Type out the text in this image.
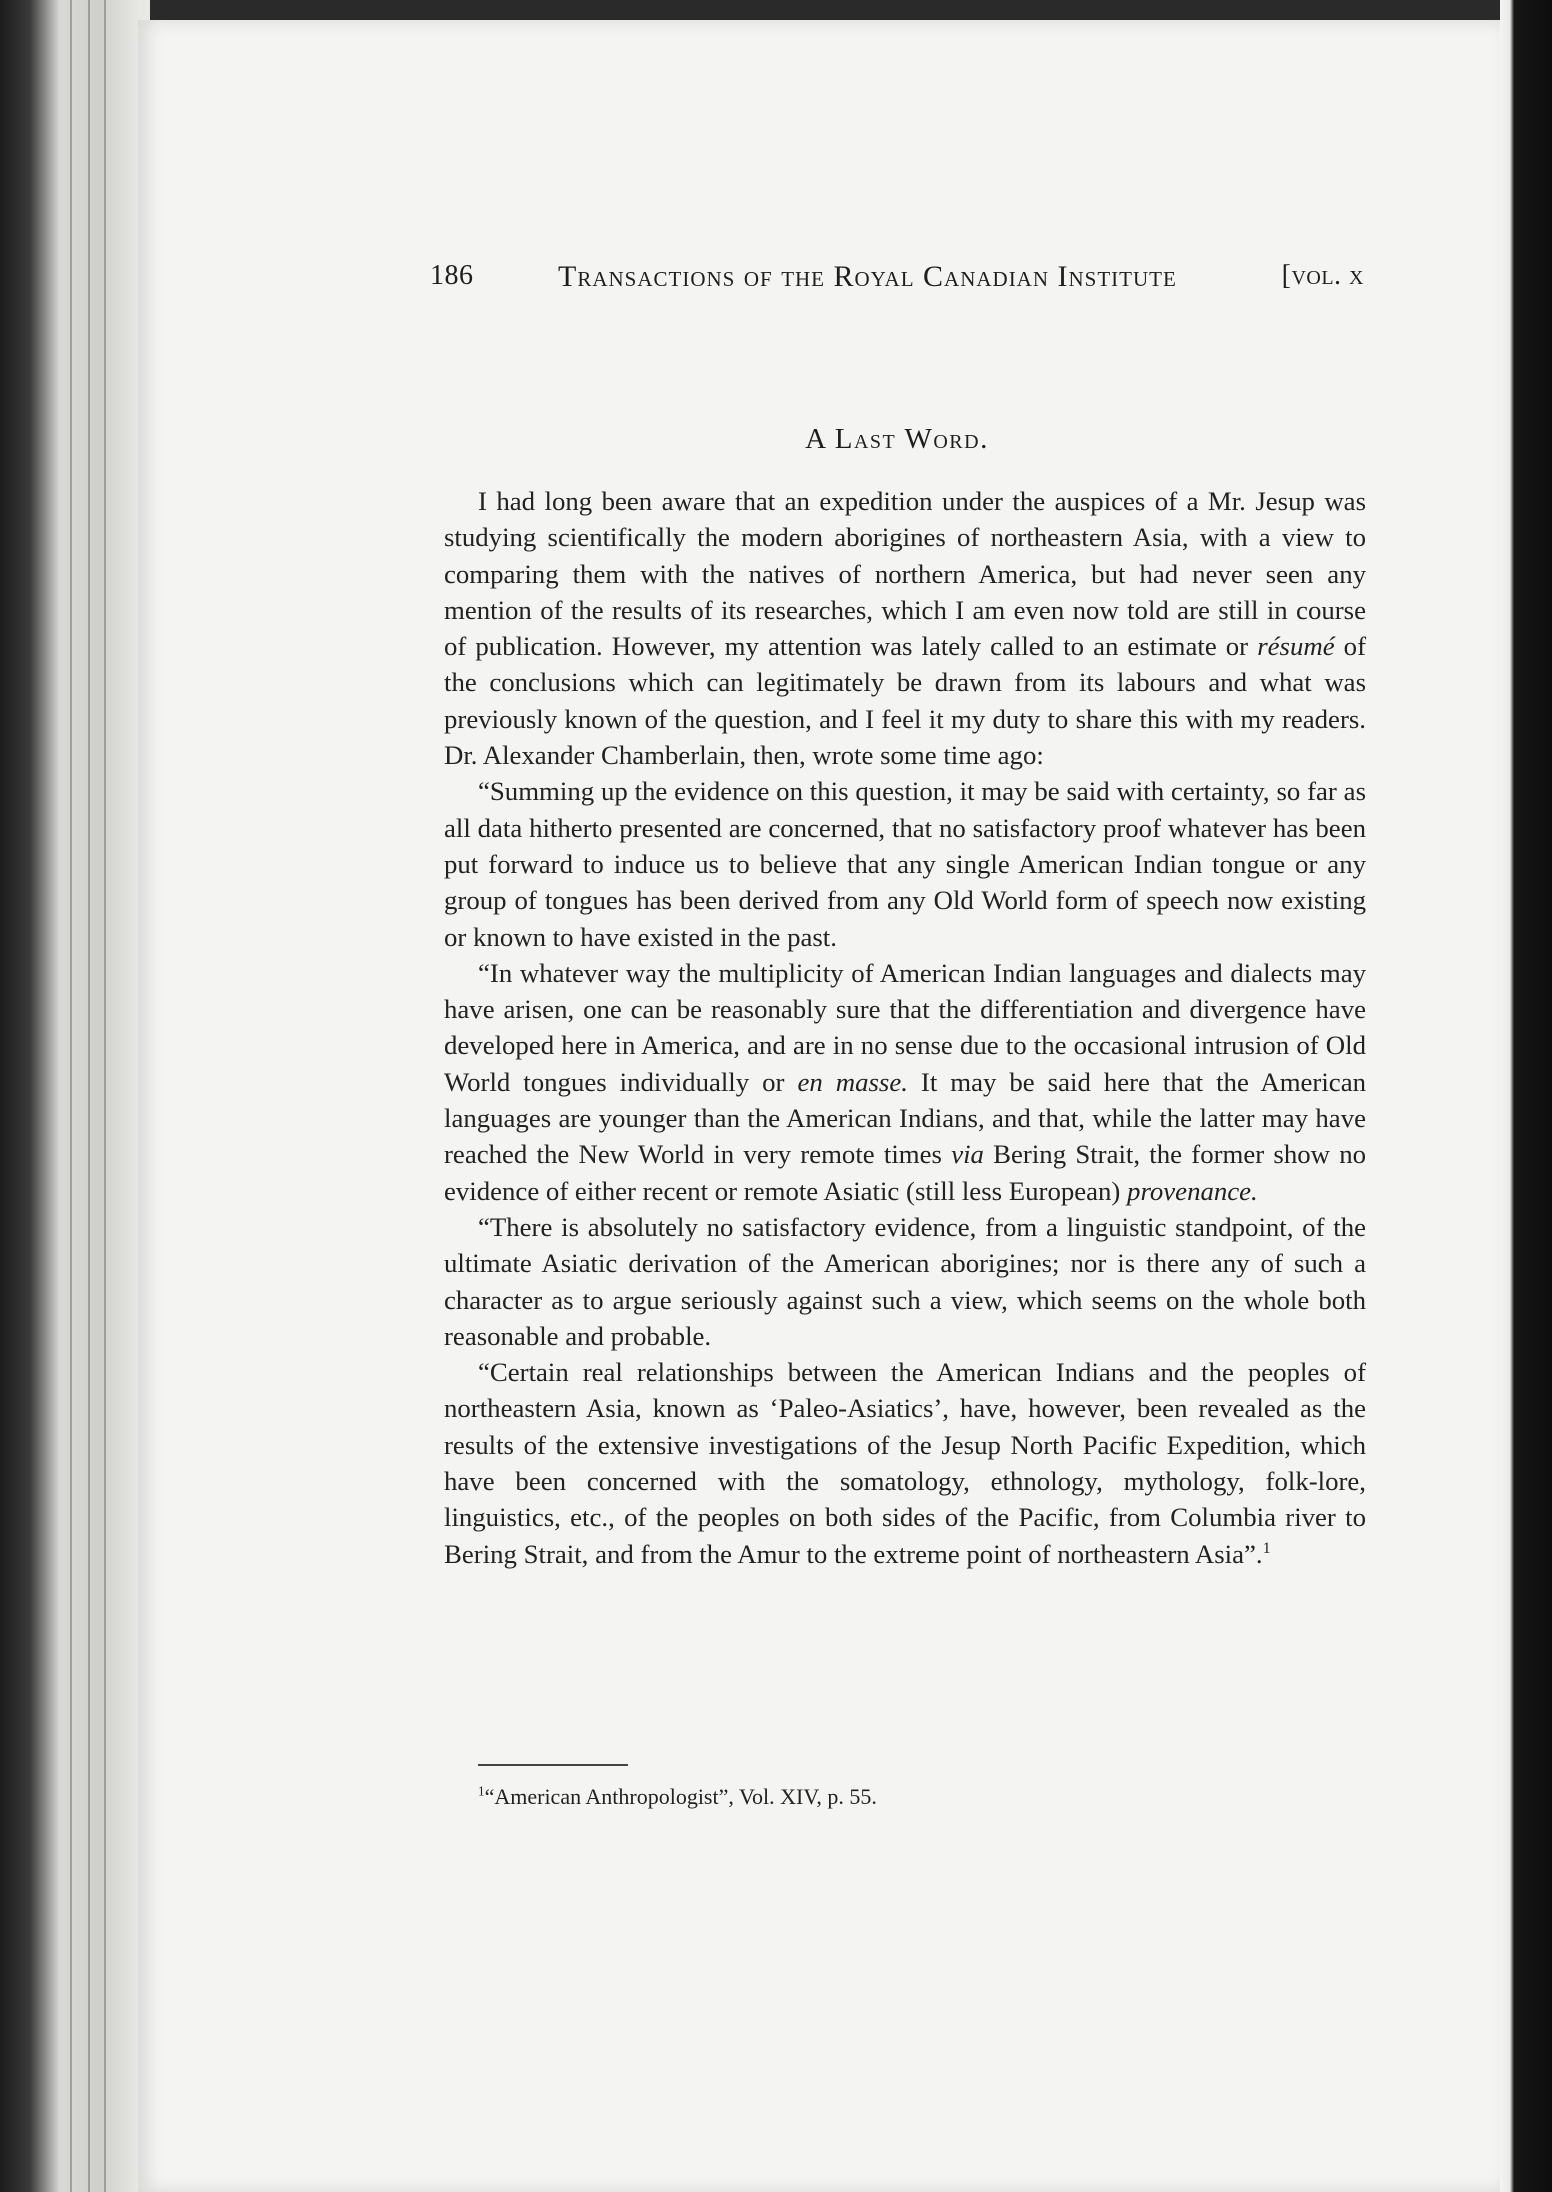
186	Transactions of the Royal Canadian Institute	[vol. x
A Last Word.

I had long been aware that an expedition under the auspices of a Mr. Jesup was studying scientifically the modern aborigines of northeastern Asia, with a view to comparing them with the natives of northern America, but had never seen any mention of the results of its researches, which I am even now told are still in course of publication. However, my attention was lately called to an estimate or résumé of the conclusions which can legitimately be drawn from its labours and what was previously known of the question, and I feel it my duty to share this with my readers. Dr. Alexander Chamberlain, then, wrote some time ago:

“Summing up the evidence on this question, it may be said with certainty, so far as all data hitherto presented are concerned, that no satisfactory proof whatever has been put forward to induce us to believe that any single American Indian tongue or any group of tongues has been derived from any Old World form of speech now existing or known to have existed in the past.

“In whatever way the multiplicity of American Indian languages and dialects may have arisen, one can be reasonably sure that the differentiation and divergence have developed here in America, and are in no sense due to the occasional intrusion of Old World tongues individually or en masse. It may be said here that the American languages are younger than the American Indians, and that, while the latter may have reached the New World in very remote times via Bering Strait, the former show no evidence of either recent or remote Asiatic (still less European) provenance.

“There is absolutely no satisfactory evidence, from a linguistic standpoint, of the ultimate Asiatic derivation of the American aborigines; nor is there any of such a character as to argue seriously against such a view, which seems on the whole both reasonable and probable.

“Certain real relationships between the American Indians and the peoples of northeastern Asia, known as ‘Paleo-Asiatics’, have, however, been revealed as the results of the extensive investigations of the Jesup North Pacific Expedition, which have been concerned with the somatology, ethnology, mythology, folk-lore, linguistics, etc., of the peoples on both sides of the Pacific, from Columbia river to Bering Strait, and from the Amur to the extreme point of northeastern Asia”.$^1$

$^1$“American Anthropologist”, Vol. XIV, p. 55.
